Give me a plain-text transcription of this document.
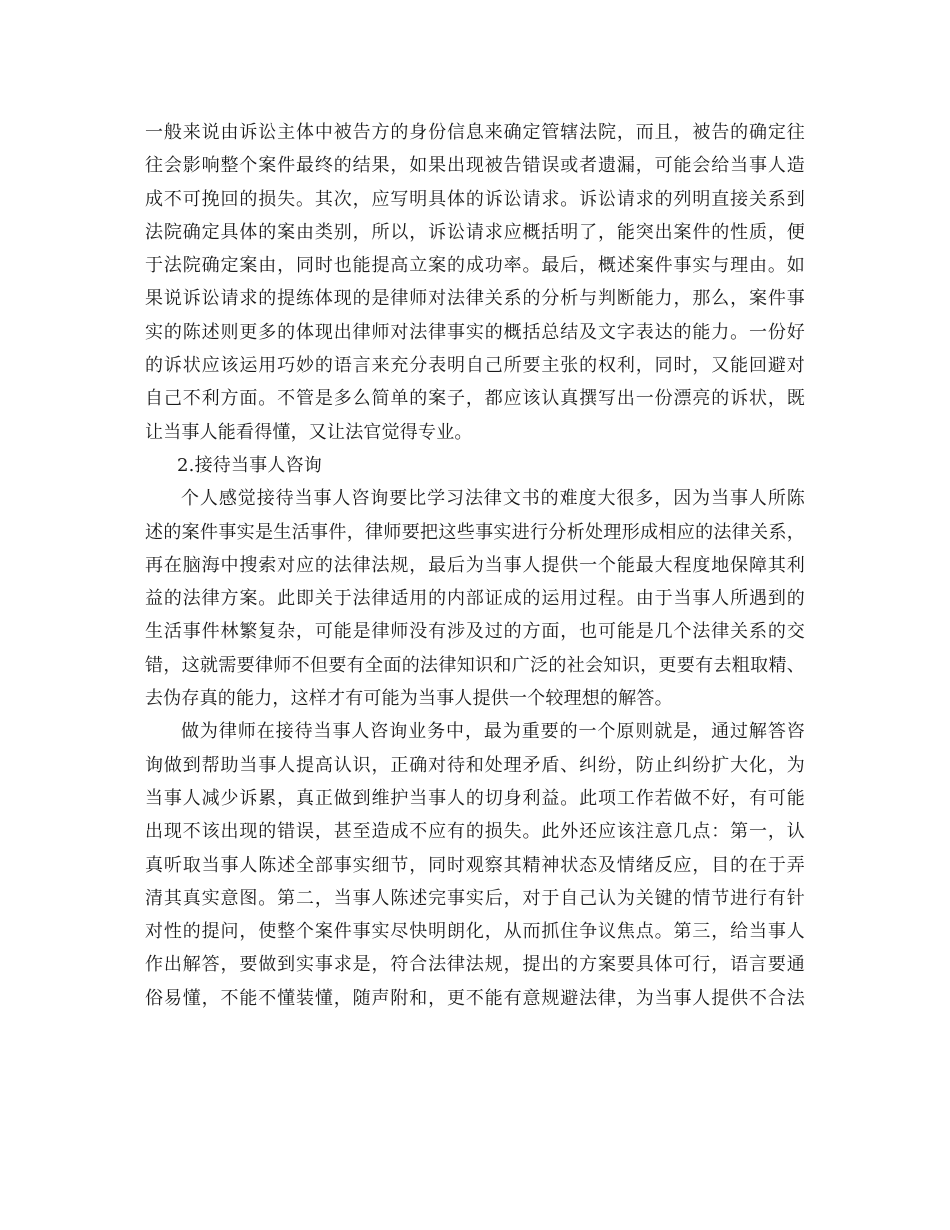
一般来说由诉讼主体中被告方的身份信息来确定管辖法院，而且，被告的确定往
往会影响整个案件最终的结果，如果出现被告错误或者遗漏，可能会给当事人造
成不可挽回的损失。其次，应写明具体的诉讼请求。诉讼请求的列明直接关系到
法院确定具体的案由类别，所以，诉讼请求应概括明了，能突出案件的性质，便
于法院确定案由，同时也能提高立案的成功率。最后，概述案件事实与理由。如
果说诉讼请求的提练体现的是律师对法律关系的分析与判断能力，那么，案件事
实的陈述则更多的体现出律师对法律事实的概括总结及文字表达的能力。一份好
的诉状应该运用巧妙的语言来充分表明自己所要主张的权利，同时，又能回避对
自己不利方面。不管是多么简单的案子，都应该认真撰写出一份漂亮的诉状，既
让当事人能看得懂，又让法官觉得专业。
2.接待当事人咨询
个人感觉接待当事人咨询要比学习法律文书的难度大很多，因为当事人所陈
述的案件事实是生活事件，律师要把这些事实进行分析处理形成相应的法律关系，
再在脑海中搜索对应的法律法规，最后为当事人提供一个能最大程度地保障其利
益的法律方案。此即关于法律适用的内部证成的运用过程。由于当事人所遇到的
生活事件林繁复杂，可能是律师没有涉及过的方面，也可能是几个法律关系的交
错，这就需要律师不但要有全面的法律知识和广泛的社会知识，更要有去粗取精、
去伪存真的能力，这样才有可能为当事人提供一个较理想的解答。
做为律师在接待当事人咨询业务中，最为重要的一个原则就是，通过解答咨
询做到帮助当事人提高认识，正确对待和处理矛盾、纠纷，防止纠纷扩大化，为
当事人减少诉累，真正做到维护当事人的切身利益。此项工作若做不好，有可能
出现不该出现的错误，甚至造成不应有的损失。此外还应该注意几点：第一，认
真听取当事人陈述全部事实细节，同时观察其精神状态及情绪反应，目的在于弄
清其真实意图。第二，当事人陈述完事实后，对于自己认为关键的情节进行有针
对性的提问，使整个案件事实尽快明朗化，从而抓住争议焦点。第三，给当事人
作出解答，要做到实事求是，符合法律法规，提出的方案要具体可行，语言要通
俗易懂，不能不懂装懂，随声附和，更不能有意规避法律，为当事人提供不合法
